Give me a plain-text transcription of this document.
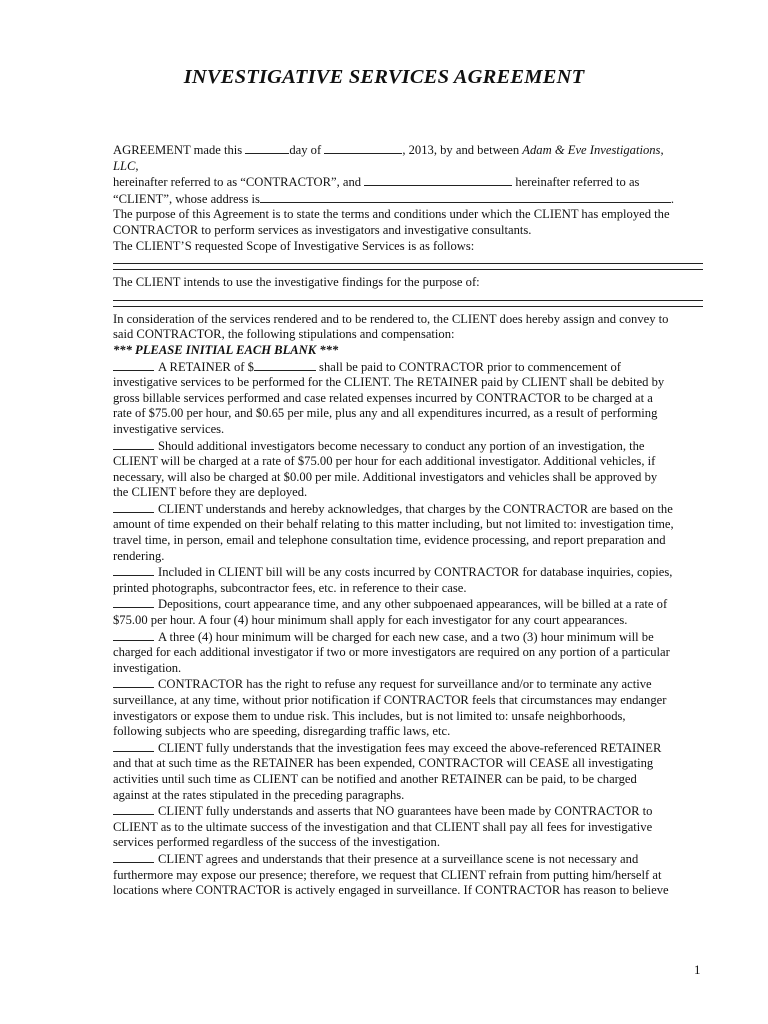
INVESTIGATIVE SERVICES AGREEMENT

AGREEMENT made this	day of	, 2013, by and between Adam & Eve Investigations,

LLC,

hereinafter referred to as “CONTRACTOR”, and	hereinafter referred to as

“CLIENT”, whose address is	.

The purpose of this Agreement is to state the terms and conditions under which the CLIENT has employed the

CONTRACTOR to perform services as investigators and investigative consultants.

The CLIENT’S requested Scope of Investigative Services is as follows:

The CLIENT intends to use the investigative findings for the purpose of:

In consideration of the services rendered and to be rendered to, the CLIENT does hereby assign and convey to

said CONTRACTOR, the following stipulations and compensation:

*** PLEASE INITIAL EACH BLANK ***

A RETAINER of $	shall be paid to CONTRACTOR prior to commencement of

investigative services to be performed for the CLIENT. The RETAINER paid by CLIENT shall be debited by

gross billable services performed and case related expenses incurred by CONTRACTOR to be charged at a

rate of $75.00 per hour, and $0.65 per mile, plus any and all expenditures incurred, as a result of performing

investigative services.

Should additional investigators become necessary to conduct any portion of an investigation, the

CLIENT will be charged at a rate of $75.00 per hour for each additional investigator. Additional vehicles, if

necessary, will also be charged at $0.00 per mile. Additional investigators and vehicles shall be approved by

the CLIENT before they are deployed.

CLIENT understands and hereby acknowledges, that charges by the CONTRACTOR are based on the

amount of time expended on their behalf relating to this matter including, but not limited to: investigation time,

travel time, in person, email and telephone consultation time, evidence processing, and report preparation and

rendering.

Included in CLIENT bill will be any costs incurred by CONTRACTOR for database inquiries, copies,

printed photographs, subcontractor fees, etc. in reference to their case.

Depositions, court appearance time, and any other subpoenaed appearances, will be billed at a rate of

$75.00 per hour. A four (4) hour minimum shall apply for each investigator for any court appearances.

A three (4) hour minimum will be charged for each new case, and a two (3) hour minimum will be

charged for each additional investigator if two or more investigators are required on any portion of a particular

investigation.

CONTRACTOR has the right to refuse any request for surveillance and/or to terminate any active

surveillance, at any time, without prior notification if CONTRACTOR feels that circumstances may endanger

investigators or expose them to undue risk. This includes, but is not limited to: unsafe neighborhoods,

following subjects who are speeding, disregarding traffic laws, etc.

CLIENT fully understands that the investigation fees may exceed the above-referenced RETAINER

and that at such time as the RETAINER has been expended, CONTRACTOR will CEASE all investigating

activities until such time as CLIENT can be notified and another RETAINER can be paid, to be charged

against at the rates stipulated in the preceding paragraphs.

CLIENT fully understands and asserts that NO guarantees have been made by CONTRACTOR to

CLIENT as to the ultimate success of the investigation and that CLIENT shall pay all fees for investigative

services performed regardless of the success of the investigation.

CLIENT agrees and understands that their presence at a surveillance scene is not necessary and

furthermore may expose our presence; therefore, we request that CLIENT refrain from putting him/herself at

locations where CONTRACTOR is actively engaged in surveillance. If CONTRACTOR has reason to believe

1
